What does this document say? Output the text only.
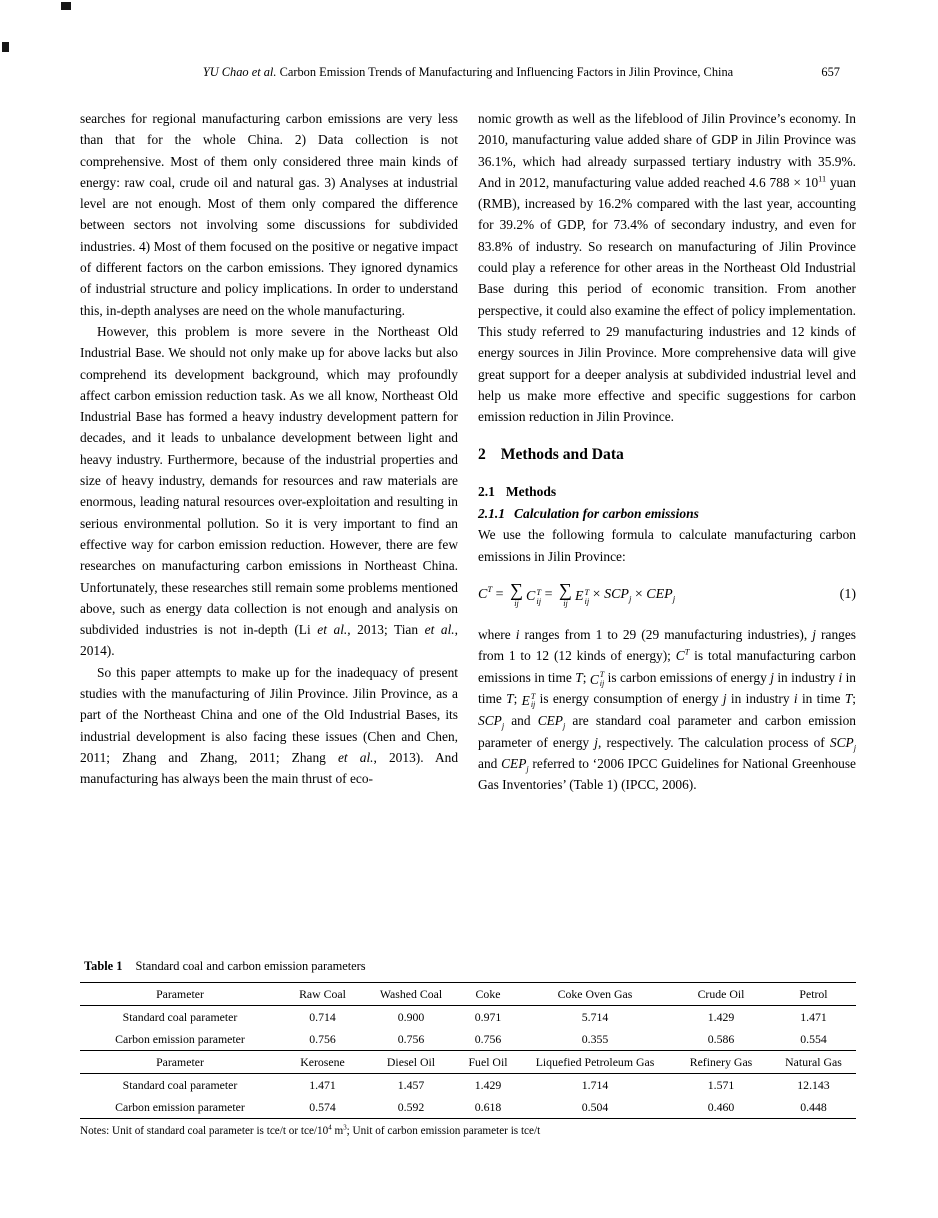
YU Chao et al. Carbon Emission Trends of Manufacturing and Influencing Factors in Jilin Province, China	657

searches for regional manufacturing carbon emissions are very less than that for the whole China. 2) Data collection is not comprehensive. Most of them only considered three main kinds of energy: raw coal, crude oil and natural gas. 3) Analyses at industrial level are not enough. Most of them only compared the difference between sectors not involving some discussions for subdivided industries. 4) Most of them focused on the positive or negative impact of different factors on the carbon emissions. They ignored dynamics of industrial structure and policy implications. In order to understand this, in-depth analyses are need on the whole manufacturing.

However, this problem is more severe in the Northeast Old Industrial Base. We should not only make up for above lacks but also comprehend its development background, which may profoundly affect carbon emission reduction task. As we all know, Northeast Old Industrial Base has formed a heavy industry development pattern for decades, and it leads to unbalance development between light and heavy industry. Furthermore, because of the industrial properties and size of heavy industry, demands for resources and raw materials are enormous, leading natural resources over-exploitation and resulting in serious environmental pollution. So it is very important to find an effective way for carbon emission reduction. However, there are few researches on manufacturing carbon emissions in Northeast China. Unfortunately, these researches still remain some problems mentioned above, such as energy data collection is not enough and analysis on subdivided industries is not in-depth (Li et al., 2013; Tian et al., 2014).

So this paper attempts to make up for the inadequacy of present studies with the manufacturing of Jilin Province. Jilin Province, as a part of the Northeast China and one of the Old Industrial Bases, its industrial development is also facing these issues (Chen and Chen, 2011; Zhang and Zhang, 2011; Zhang et al., 2013). And manufacturing has always been the main thrust of eco-

nomic growth as well as the lifeblood of Jilin Province’s economy. In 2010, manufacturing value added share of GDP in Jilin Province was 36.1%, which had already surpassed tertiary industry with 35.9%. And in 2012, manufacturing value added reached 4.6 $788 \times 10^{11}$ yuan (RMB), increased by 16.2% compared with the last year, accounting for 39.2% of GDP, for 73.4% of secondary industry, and even for 83.8% of industry. So research on manufacturing of Jilin Province could play a reference for other areas in the Northeast Old Industrial Base during this period of economic transition. From another perspective, it could also examine the effect of policy implementation. This study referred to 29 manufacturing industries and 12 kinds of energy sources in Jilin Province. More comprehensive data will give great support for a deeper analysis at subdivided industrial level and help us make more effective and specific suggestions for carbon emission reduction in Jilin Province.

2 Methods and Data
2.1 Methods
2.1.1 Calculation for carbon emissions

We use the following formula to calculate manufacturing carbon emissions in Jilin Province:

$C^T$ = ∑
ij C T
ij = ∑
ij E T
ij × $SCP_j \times CEP_j$	(1)

where i ranges from 1 to 29 (29 manufacturing industries), j ranges from 1 to 12 (12 kinds of energy); $C^T$ is total manufacturing carbon emissions in time T; C T
ij is carbon emissions of energy j in industry i in time T; E T
ij is energy consumption of energy j in industry i in time T; $SCP_j$ and $CEP_j$ are standard coal parameter and carbon emission parameter of energy j, respectively. The calculation process of $SCP_j$ and $CEP_j$ referred to ‘2006 IPCC Guidelines for National Greenhouse Gas Inventories’ (Table 1) (IPCC, 2006).

Table 1 Standard coal and carbon emission parameters
Parameter	Raw Coal	Washed Coal	Coke	Coke Oven Gas	Crude Oil	Petrol
Standard coal parameter	0.714	0.900	0.971	5.714	1.429	1.471
Carbon emission parameter	0.756	0.756	0.756	0.355	0.586	0.554
Parameter	Kerosene	Diesel Oil	Fuel Oil	Liquefied Petroleum Gas	Refinery Gas	Natural Gas
Standard coal parameter	1.471	1.457	1.429	1.714	1.571	12.143
Carbon emission parameter	0.574	0.592	0.618	0.504	0.460	0.448
Notes: Unit of standard coal parameter is tce/t or tce/$10^4$ $m^3$; Unit of carbon emission parameter is tce/t
